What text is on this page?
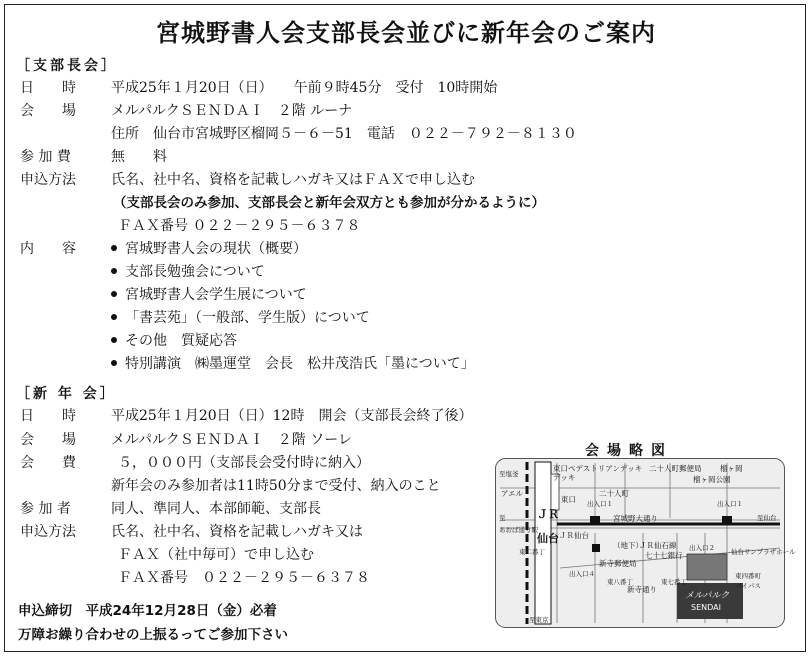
宮城野書人会支部長会並びに新年会のご案内
［支部長会］
日　　時	平成25年１月20日（日）　　午前９時45分　受付　10時開始
会　　場	メルパルクＳＥＮＤＡＩ　２階 ルーナ
住所　仙台市宮城野区榴岡５－６－51　電話　０２２－７９２－８１３０
参 加 費	無　　料
申込方法	氏名、社中名、資格を記載しハガキ又はＦＡＸで申し込む
（支部長会のみ参加、支部長会と新年会双方とも参加が分かるように）
ＦＡＸ番号 ０２２－２９５－６３７８
内　　容	宮城野書人会の現状（概要）
支部長勉強会について
宮城野書人会学生展について
「書芸苑」（一般部、学生版）について
その他　質疑応答
特別講演　㈱墨運堂　会長　松井茂浩氏「墨について」
［新 年 会］
日　　時	平成25年１月20日（日）12時　開会（支部長会終了後）
会　　場	メルパルクＳＥＮＤＡＩ　２階 ソーレ
会　　費	５，０００円（支部長会受付時に納入）
新年会のみ参加者は11時50分まで受付、納入のこと
参 加 者	同人、準同人、本部師範、支部長
申込方法	氏名、社中名、資格を記載しハガキ又は
ＦＡＸ（社中毎可）で申し込む
ＦＡＸ番号　０２２－２９５－６３７８
申込締切　平成24年12月28日（金）必着
万障お繰り合わせの上振るってご参加下さい
会場略図
東口ペデストリアンデッキ
デッキ
二十人町郵便局
榴ヶ岡公園
二十人町
至塩釜
アエル
至
あおば通り駅
東口 出入口１
宮城野大通り
出入口１
榴ヶ岡
至仙台
ＪＲ仙台
（地下）
ＪＲ仙石線 出入口２ 仙台サンプラザホール
東四番町
バイパス
新寺郵便局
七十七銀行
東二番丁
東八番丁	東七番丁
新寺通り
出入口４
至東京
ＪＲ
仙台
メルパルク
SENDAI
